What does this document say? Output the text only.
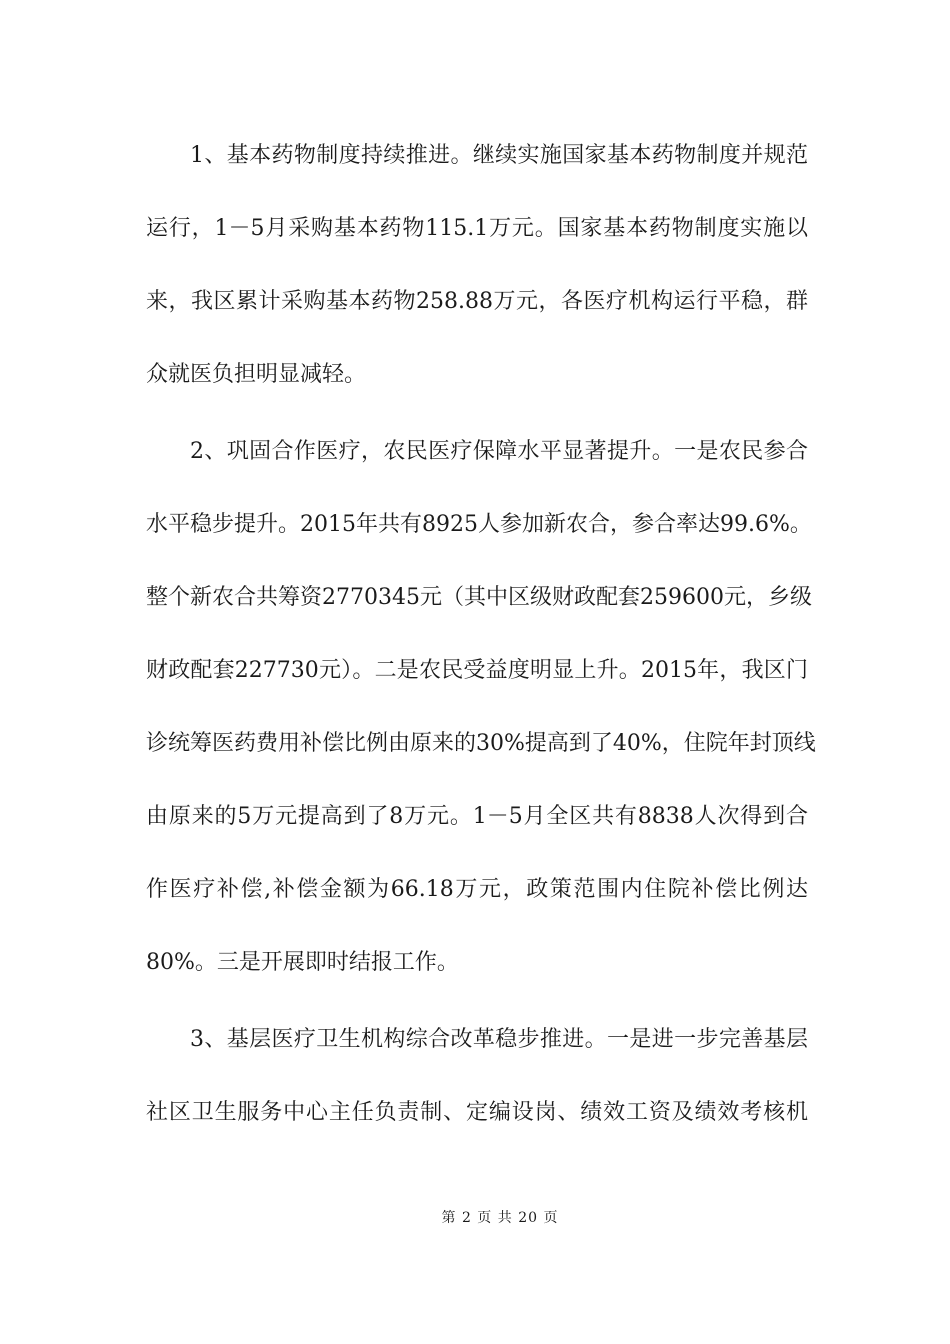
1、基本药物制度持续推进。继续实施国家基本药物制度并规范
运行，1－5月采购基本药物115.1万元。国家基本药物制度实施以
来，我区累计采购基本药物258.88万元，各医疗机构运行平稳，群
众就医负担明显减轻。
2、巩固合作医疗，农民医疗保障水平显著提升。一是农民参合
水平稳步提升。2015年共有8925人参加新农合，参合率达99.6%。
整个新农合共筹资2770345元（其中区级财政配套259600元，乡级
财政配套227730元）。二是农民受益度明显上升。2015年，我区门
诊统筹医药费用补偿比例由原来的30%提高到了40%，住院年封顶线
由原来的5万元提高到了8万元。1－5月全区共有8838人次得到合
作医疗补偿,补偿金额为66.18万元，政策范围内住院补偿比例达
80%。三是开展即时结报工作。
3、基层医疗卫生机构综合改革稳步推进。一是进一步完善基层
社区卫生服务中心主任负责制、定编设岗、绩效工资及绩效考核机
第 2 页 共 20 页
